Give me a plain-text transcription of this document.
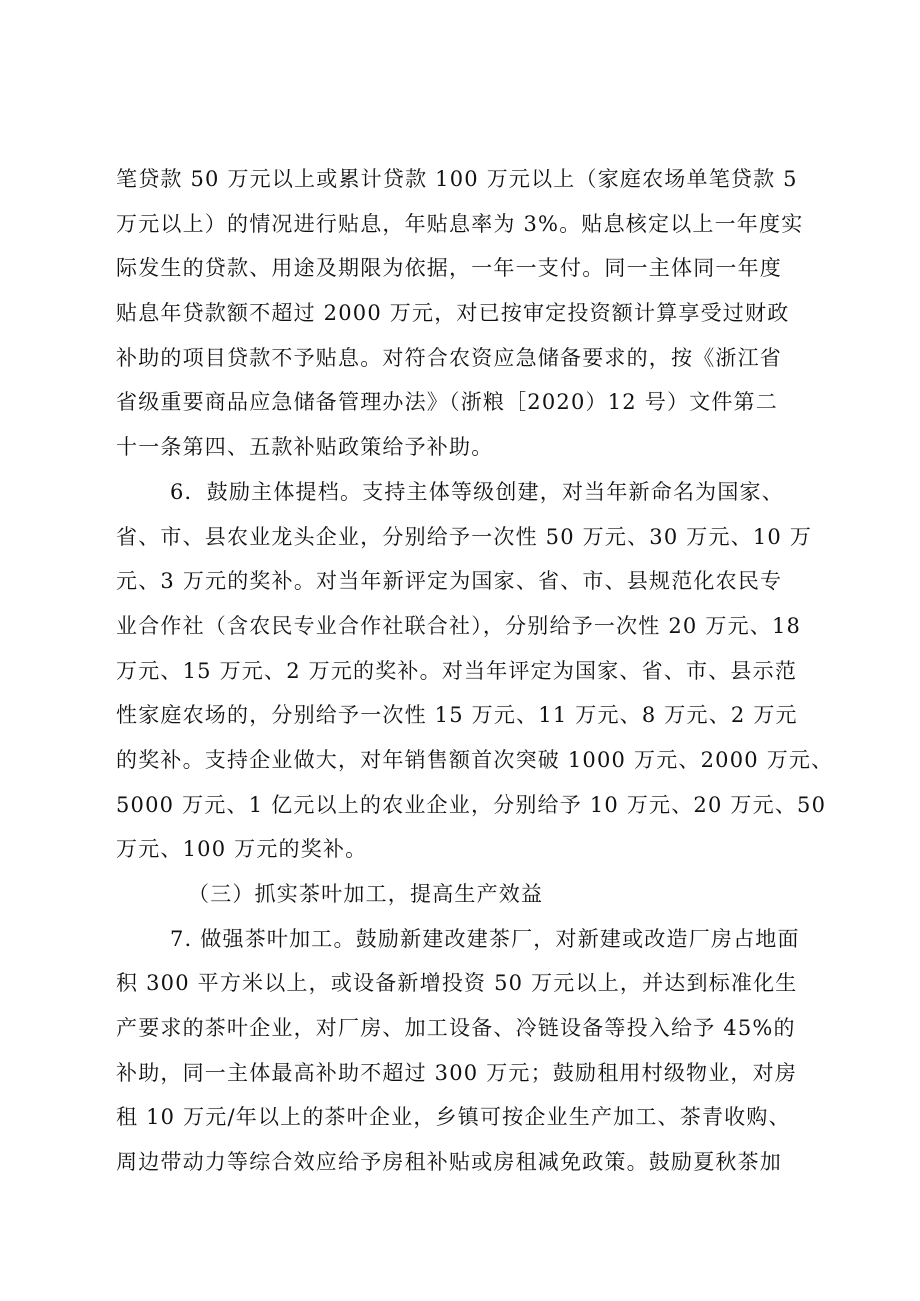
笔贷款 50 万元以上或累计贷款 100 万元以上（家庭农场单笔贷款 5
万元以上）的情况进行贴息，年贴息率为 3%。贴息核定以上一年度实
际发生的贷款、用途及期限为依据，一年一支付。同一主体同一年度
贴息年贷款额不超过 2000 万元，对已按审定投资额计算享受过财政
补助的项目贷款不予贴息。对符合农资应急储备要求的，按《浙江省
省级重要商品应急储备管理办法》（浙粮［2020）12 号）文件第二
十一条第四、五款补贴政策给予补助。
6．鼓励主体提档。支持主体等级创建，对当年新命名为国家、
省、市、县农业龙头企业，分别给予一次性 50 万元、30 万元、10 万
元、3 万元的奖补。对当年新评定为国家、省、市、县规范化农民专
业合作社（含农民专业合作社联合社），分别给予一次性 20 万元、18
万元、15 万元、2 万元的奖补。对当年评定为国家、省、市、县示范
性家庭农场的，分别给予一次性 15 万元、11 万元、8 万元、2 万元
的奖补。支持企业做大，对年销售额首次突破 1000 万元、2000 万元、
5000 万元、1 亿元以上的农业企业，分别给予 10 万元、20 万元、50
万元、100 万元的奖补。
（三）抓实茶叶加工，提高生产效益
7. 做强茶叶加工。鼓励新建改建茶厂，对新建或改造厂房占地面
积 300 平方米以上，或设备新增投资 50 万元以上，并达到标准化生
产要求的茶叶企业，对厂房、加工设备、冷链设备等投入给予 45%的
补助，同一主体最高补助不超过 300 万元；鼓励租用村级物业，对房
租 10 万元/年以上的茶叶企业，乡镇可按企业生产加工、茶青收购、
周边带动力等综合效应给予房租补贴或房租减免政策。鼓励夏秋茶加
